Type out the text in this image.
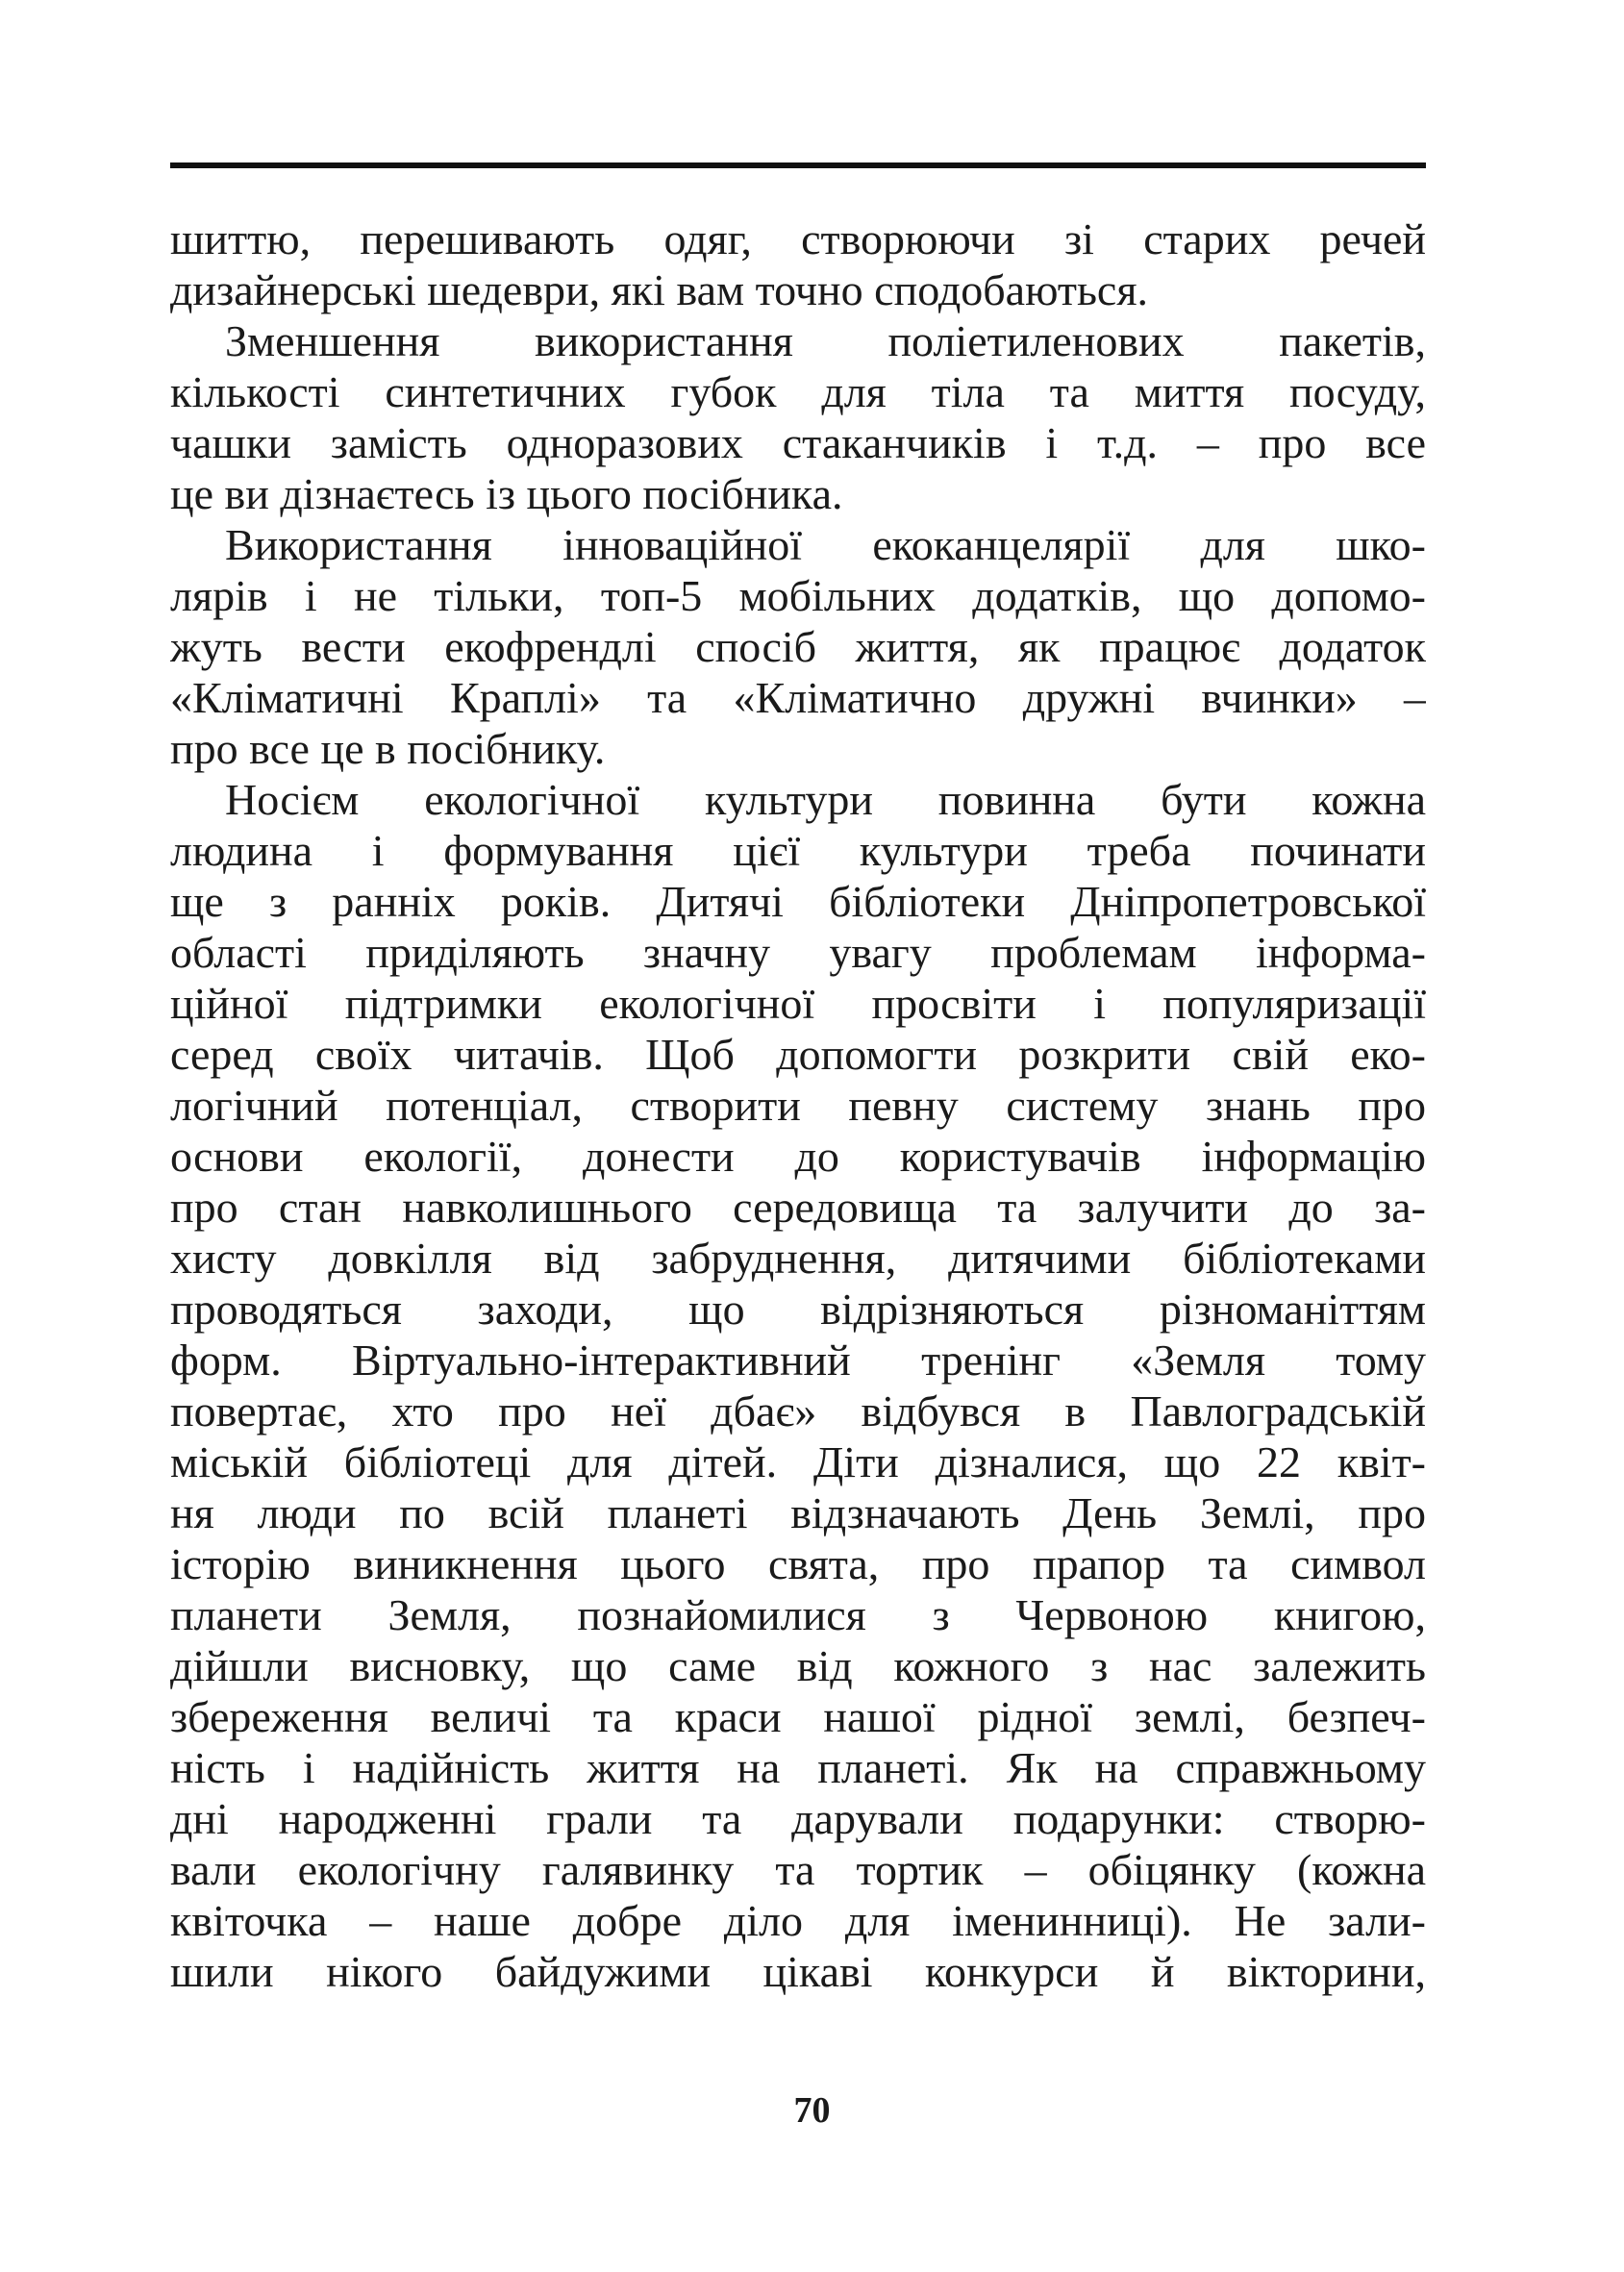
шиттю, перешивають одяг, створюючи зі старих речей
дизайнерські шедеври, які вам точно сподобаються.
Зменшення використання поліетиленових пакетів,
кількості синтетичних губок для тіла та миття посуду,
чашки замість одноразових стаканчиків і т.д. – про все
це ви дізнаєтесь із цього посібника.
Використання інноваційної екоканцелярії для шко-
лярів і не тільки, топ-5 мобільних додатків, що допомо-
жуть вести екофрендлі спосіб життя, як працює додаток
«Кліматичні Краплі» та «Кліматично дружні вчинки» –
про все це в посібнику.
Носієм екологічної культури повинна бути кожна
людина і формування цієї культури треба починати
ще з ранніх років. Дитячі бібліотеки Дніпропетровської
області приділяють значну увагу проблемам інформа-
ційної підтримки екологічної просвіти і популяризації
серед своїх читачів. Щоб допомогти розкрити свій еко-
логічний потенціал, створити певну систему знань про
основи екології, донести до користувачів інформацію
про стан навколишнього середовища та залучити до за-
хисту довкілля від забруднення, дитячими бібліотеками
проводяться заходи, що відрізняються різноманіттям
форм. Віртуально-інтерактивний тренінг «Земля тому
повертає, хто про неї дбає» відбувся в Павлоградській
міській бібліотеці для дітей. Діти дізналися, що 22 квіт-
ня люди по всій планеті відзначають День Землі, про
історію виникнення цього свята, про прапор та символ
планети Земля, познайомилися з Червоною книгою,
дійшли висновку, що саме від кожного з нас залежить
збереження величі та краси нашої рідної землі, безпеч-
ність і надійність життя на планеті. Як на справжньому
дні народженні грали та дарували подарунки: створю-
вали екологічну галявинку та тортик – обіцянку (кожна
квіточка – наше добре діло для іменинниці). Не зали-
шили нікого байдужими цікаві конкурси й вікторини,
70
